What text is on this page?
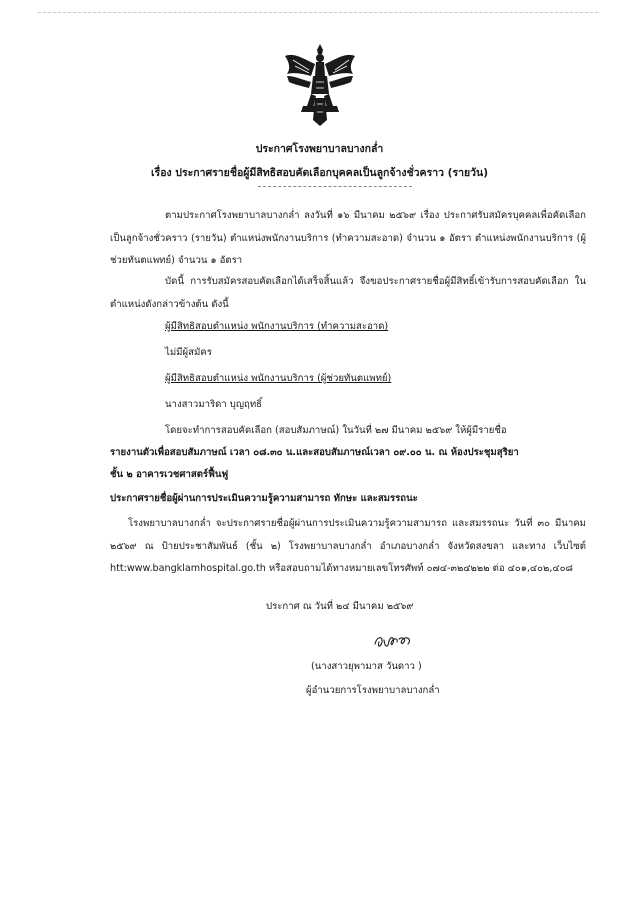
ประกาศโรงพยาบาลบางกล่ำ
เรื่อง ประกาศรายชื่อผู้มีสิทธิสอบคัดเลือกบุคคลเป็นลูกจ้างชั่วคราว (รายวัน)
ตามประกาศโรงพยาบาลบางกล่ำ ลงวันที่ ๑๖ มีนาคม ๒๕๖๙ เรื่อง ประกาศรับสมัครบุคคลเพื่อคัดเลือกเป็นลูกจ้างชั่วคราว (รายวัน) ตำแหน่งพนักงานบริการ (ทำความสะอาด) จำนวน ๑ อัตรา ตำแหน่งพนักงานบริการ (ผู้ช่วยทันตแพทย์) จำนวน ๑ อัตรา
บัดนี้ การรับสมัครสอบคัดเลือกได้เสร็จสิ้นแล้ว จึงขอประกาศรายชื่อผู้มีสิทธิ์เข้ารับการสอบคัดเลือก ในตำแหน่งดังกล่าวข้างต้น ดังนี้
ผู้มีสิทธิสอบตำแหน่ง พนักงานบริการ (ทำความสะอาด)
ไม่มีผู้สมัคร
ผู้มีสิทธิสอบตำแหน่ง พนักงานบริการ (ผู้ช่วยทันตแพทย์)
นางสาวมาริดา บุญฤทธิ์
โดยจะทำการสอบคัดเลือก (สอบสัมภาษณ์) ในวันที่ ๒๗ มีนาคม ๒๕๖๙ ให้ผู้มีรายชื่อ
รายงานตัวเพื่อสอบสัมภาษณ์ เวลา ๐๘.๓๐ น.และสอบสัมภาษณ์เวลา ๐๙.๐๐ น. ณ ห้องประชุมสุริยา
ชั้น ๒ อาคารเวชศาสตร์ฟื้นฟู
ประกาศรายชื่อผู้ผ่านการประเมินความรู้ความสามารถ ทักษะ และสมรรถนะ
โรงพยาบาลบางกล่ำ จะประกาศรายชื่อผู้ผ่านการประเมินความรู้ความสามารถ และสมรรถนะ วันที่ ๓๐ มีนาคม ๒๕๖๙ ณ ป้ายประชาสัมพันธ์ (ชั้น ๒) โรงพยาบาลบางกล่ำ อำเภอบางกล่ำ จังหวัดสงขลา และทาง เว็บไซต์ htt:www.bangklamhospital.go.th หรือสอบถามได้ทางหมายเลขโทรศัพท์ ๐๗๔-๓๒๔๒๒๒ ต่อ ๔๐๑,๔๐๒,๔๐๘
ประกาศ ณ วันที่ ๒๔ มีนาคม ๒๕๖๙
(นางสาวยุพามาส วันดาว )
ผู้อำนวยการโรงพยาบาลบางกล่ำ
